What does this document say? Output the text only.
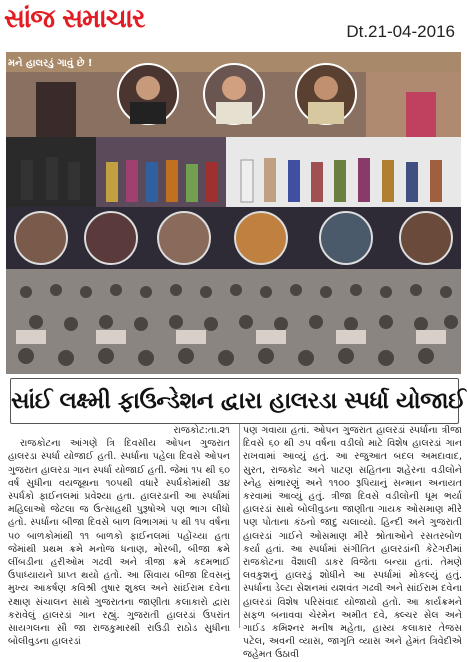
સાંજ સમાચાર	Dt.21-04-2016
મને હાલરડું ગાવું છે !
સાંઈ લક્ષ્મી ફાઉન્ડેશન દ્વારા હાલરડા સ્પર્ધા યોજાઈ
રાજકોટ:તા.૨૧

રાજકોટના આંગણે ત્રિ દિવસીય ઓપન ગુજરાત હાલરડા સ્પર્ધા યોજાઈ હતી. સ્પર્ધાના પહેલા દિવસે ઓપન ગુજરાત હાલરડા ગાન સ્પર્ધા યોજાઈ હતી. જેમાં ૧૫ થી ૬૦ વર્ષ સુધીના વયજૂથના ૧૦૫થી વધારે સ્પર્ધકોમાંથી ૩૪ સ્પર્ધકો ફાઈનલમાં પ્રવેશ્યા હતા. હાલરડાની આ સ્પર્ધામાં મહિલાઓ જેટલા જ ઉત્સાહથી પુરૂષોએ પણ ભાગ લીધો હતો. સ્પર્ધાના બીજા દિવસે બાળ વિભાગમાં ૫ થી ૧૫ વર્ષના ૫૦ બાળકોમાંથી ૧૧ બાળકો ફાઈનલમાં પહોંચ્યા હતા જેમાંથી પ્રથમ ક્રમે મનોજ ધનાણ, મોરબી, બીજા ક્રમે લીંબડીના હરીઓમ ગઢવી અને ત્રીજા ક્રમે કદમભાઈ ઉપાધ્યાયને પ્રાપ્ત થયો હતો. આ સિવાય બીજા દિવસનું મુખ્ય આકર્ષણ કવિશ્રી તુષાર શુક્લ અને સાંઈરામ દવેના રક્ષાણ સંચાલન સાથે ગુજરાતના જાણીતા કલાકારો દ્વારા કરાવેલું હાલરડાં ગાન રહ્યું. ગુજરાતી હાલરડાં ઉપરાંત સાયગલના સૌ જા રાજકુમારથી રાઉડી રાઠોડ સુધીના બોલીવુડના હાલરડાં

પણ ગવાયા હતાં. ઓપન ગુજરાત હાલરડાં સ્પર્ધાના ત્રીજા દિવસે ૬૦ થી ૭૫ વર્ષના વડીલો માટે વિશેષ હાલરડાં ગાન રાખવામાં આવ્યું હતું. આ રજુઆત બદલ અમદાવાદ, સુરત, રાજકોટ અને પાટણ સહિતના શહેરના વડીલોને સ્નેહ સંભારણું અને ૧૧૦૦ રૂપિયાનું સન્માન અનાયત કરવામાં આવ્યું હતું. ત્રીજા દિવસે વડીલોની ધૂમ ભર્યા હાલરડાં સાથે બોલીવુડના જાણીતા ગાયક ઓસમાણ મીરે પણ પોતાના કંઠનો જાદુ ચલાવ્યો. હિન્દી અને ગુજરાતી હાલરડાં ગાઈને ઓસમાણ મીરે શ્રોતાઓને રસતરબોળ કર્યા હતાં. આ સ્પર્ધામાં સંગીતિત હાલરડાંની કેટેગરીમાં રાજકોટના વૈશાલી ડાકર વિજેતા બન્યા હતાં. તેમણે લવકુશનું હાલરડું શોધીને આ સ્પર્ધામાં મોકલ્યું હતું. સ્પર્ધાના ડેલ્ટા સેશનમાં યશવંત ગઢવી અને સાંઈરામ દવેના હાલરડાં વિશેષ પરિસંવાદ યોજાયો હતો. આ કાર્યક્રમને સફળ બનાવવા ચેરમેન અમીત દવે, ક્લ્ચર સેલ અને ગાઈડ કમિશ્નર મનીષ મહેતા, હાસ્ય કલાકાર તેજસ પટેલ, અવની વ્યાસ, જાગૃતિ વ્યાસ અને હેમંત ત્રિવેદીએ જહેમત ઉઠાવી
